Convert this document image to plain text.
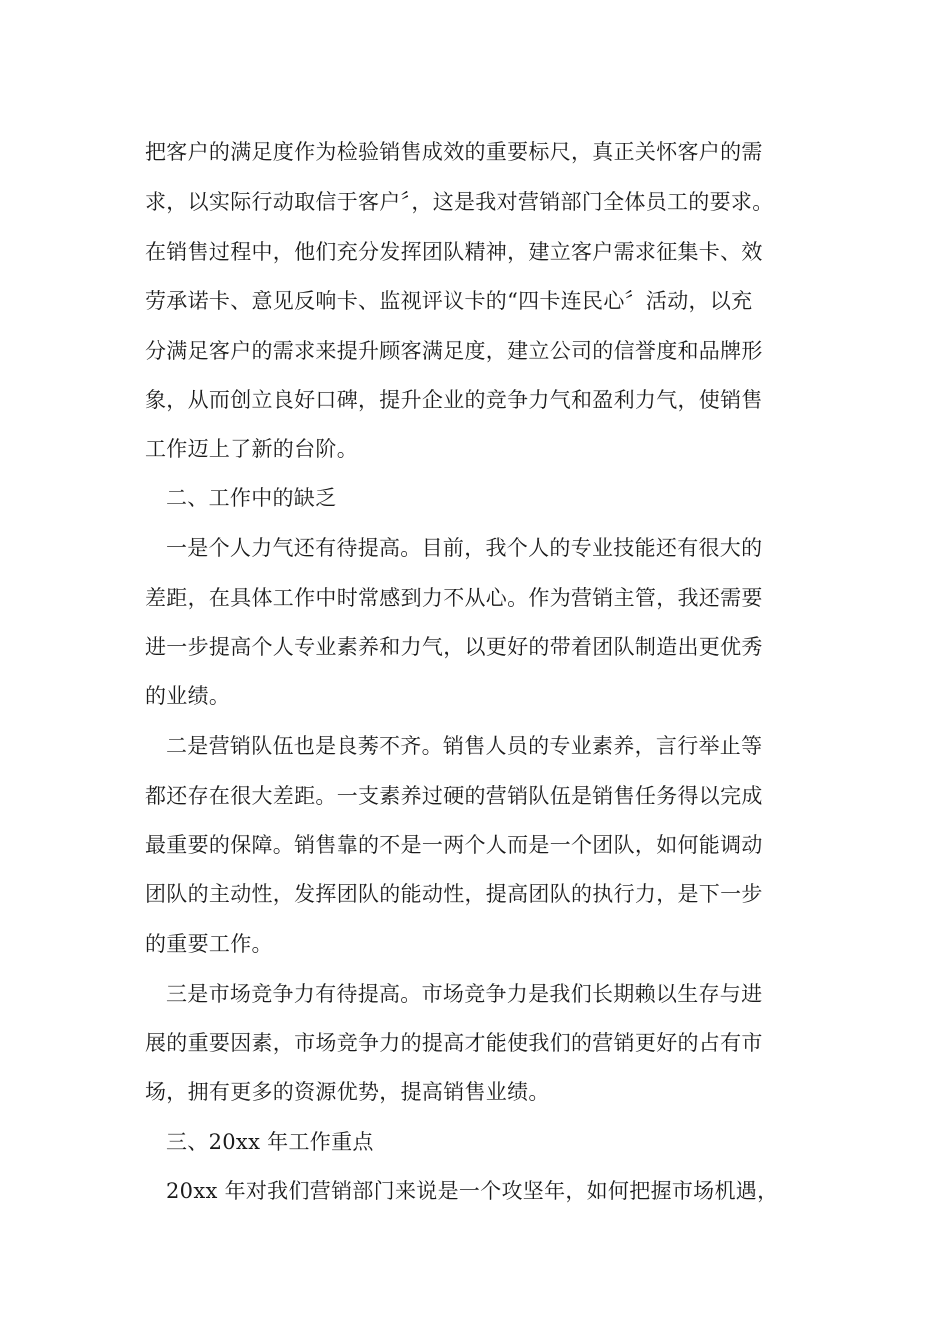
把客户的满足度作为检验销售成效的重要标尺，真正关怀客户的需
求，以实际行动取信于客户〞，这是我对营销部门全体员工的要求。
在销售过程中，他们充分发挥团队精神，建立客户需求征集卡、效
劳承诺卡、意见反响卡、监视评议卡的“四卡连民心〞活动，以充
分满足客户的需求来提升顾客满足度，建立公司的信誉度和品牌形
象，从而创立良好口碑，提升企业的竞争力气和盈利力气，使销售
工作迈上了新的台阶。
二、工作中的缺乏
一是个人力气还有待提高。目前，我个人的专业技能还有很大的
差距，在具体工作中时常感到力不从心。作为营销主管，我还需要
进一步提高个人专业素养和力气，以更好的带着团队制造出更优秀
的业绩。
二是营销队伍也是良莠不齐。销售人员的专业素养，言行举止等
都还存在很大差距。一支素养过硬的营销队伍是销售任务得以完成
最重要的保障。销售靠的不是一两个人而是一个团队，如何能调动
团队的主动性，发挥团队的能动性，提高团队的执行力，是下一步
的重要工作。
三是市场竞争力有待提高。市场竞争力是我们长期赖以生存与进
展的重要因素，市场竞争力的提高才能使我们的营销更好的占有市
场，拥有更多的资源优势，提高销售业绩。
三、20xx 年工作重点
20xx 年对我们营销部门来说是一个攻坚年，如何把握市场机遇，
